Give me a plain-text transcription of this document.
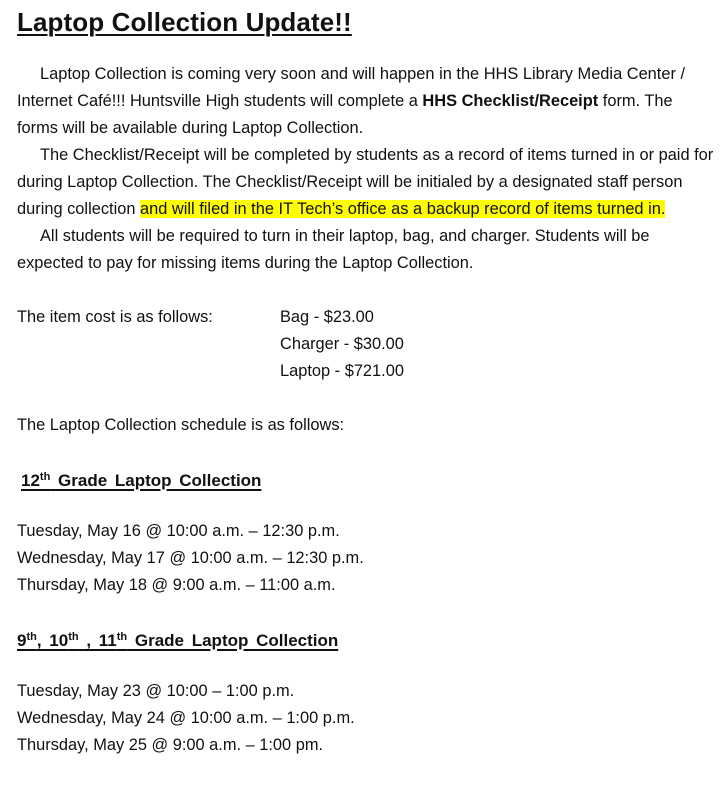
Laptop Collection Update!!

Laptop Collection is coming very soon and will happen in the HHS Library Media Center / Internet Café!!! Huntsville High students will complete a HHS Checklist/Receipt form. The forms will be available during Laptop Collection.

The Checklist/Receipt will be completed by students as a record of items turned in or paid for during Laptop Collection. The Checklist/Receipt will be initialed by a designated staff person during collection and will filed in the IT Tech’s office as a backup record of items turned in.

All students will be required to turn in their laptop, bag, and charger. Students will be expected to pay for missing items during the Laptop Collection.

The item cost is as follows:	Bag - $23.00
Charger - $30.00
Laptop - $721.00
The Laptop Collection schedule is as follows:
12th Grade Laptop Collection
Tuesday, May 16 @ 10:00 a.m. – 12:30 p.m.
Wednesday, May 17 @ 10:00 a.m. – 12:30 p.m.
Thursday, May 18 @ 9:00 a.m. – 11:00 a.m.
9th, 10th , 11th Grade Laptop Collection
Tuesday, May 23 @ 10:00 – 1:00 p.m.
Wednesday, May 24 @ 10:00 a.m. – 1:00 p.m.
Thursday, May 25 @ 9:00 a.m. – 1:00 pm.
